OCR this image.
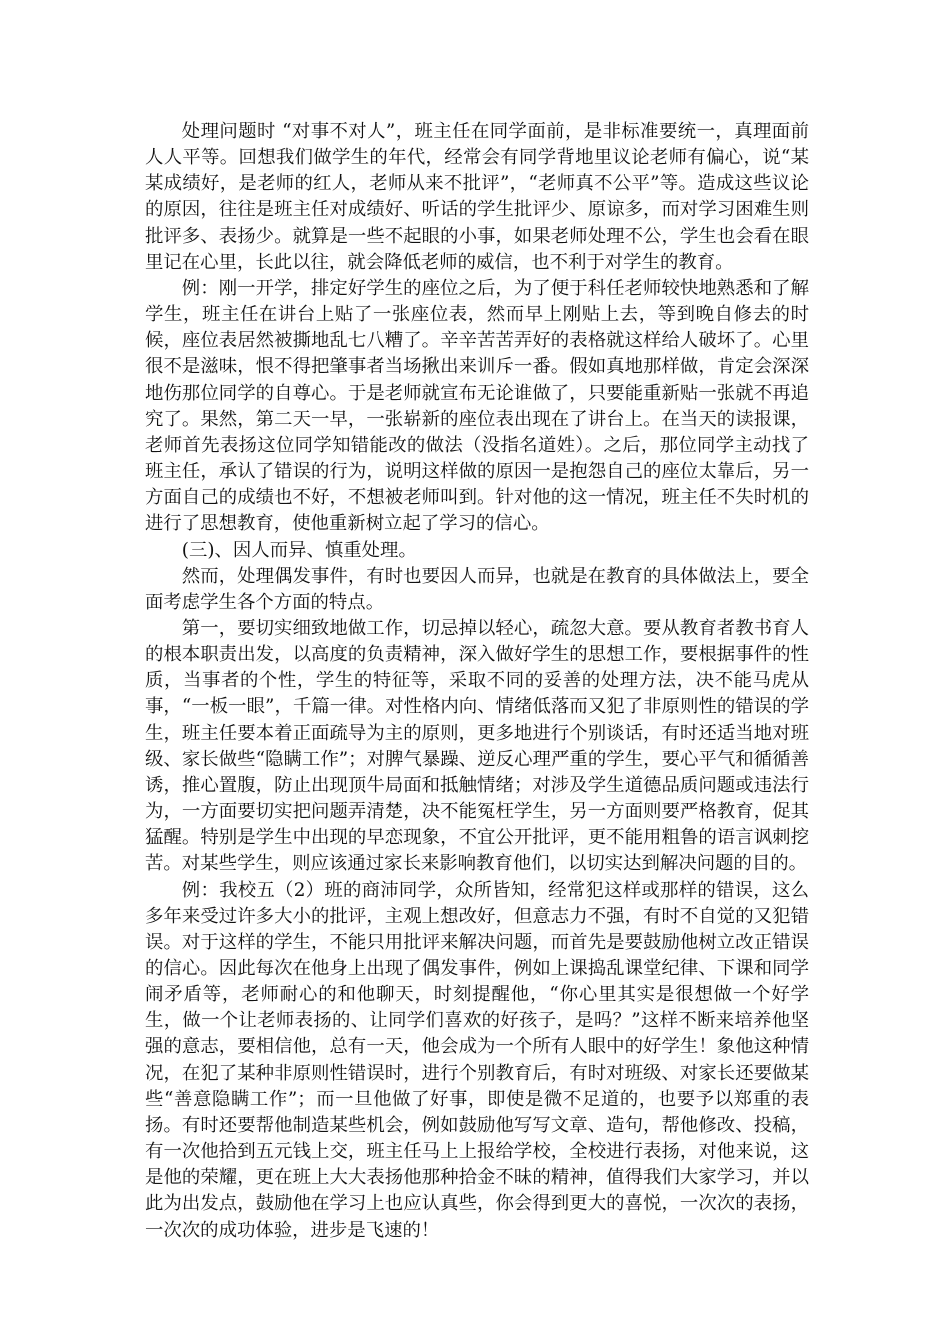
处理问题时 “对事不对人”，班主任在同学面前，是非标准要统一，真理面前人人平等。回想我们做学生的年代，经常会有同学背地里议论老师有偏心，说“某某成绩好，是老师的红人，老师从来不批评”，“老师真不公平”等。造成这些议论的原因，往往是班主任对成绩好、听话的学生批评少、原谅多，而对学习困难生则批评多、表扬少。就算是一些不起眼的小事，如果老师处理不公，学生也会看在眼里记在心里，长此以往，就会降低老师的威信，也不利于对学生的教育。

例：刚一开学，排定好学生的座位之后，为了便于科任老师较快地熟悉和了解学生，班主任在讲台上贴了一张座位表，然而早上刚贴上去，等到晚自修去的时候，座位表居然被撕地乱七八糟了。辛辛苦苦弄好的表格就这样给人破坏了。心里很不是滋味，恨不得把肇事者当场揪出来训斥一番。假如真地那样做，肯定会深深地伤那位同学的自尊心。于是老师就宣布无论谁做了，只要能重新贴一张就不再追究了。果然，第二天一早，一张崭新的座位表出现在了讲台上。在当天的读报课，老师首先表扬这位同学知错能改的做法（没指名道姓）。之后，那位同学主动找了班主任，承认了错误的行为，说明这样做的原因一是抱怨自己的座位太靠后，另一方面自己的成绩也不好，不想被老师叫到。针对他的这一情况，班主任不失时机的进行了思想教育，使他重新树立起了学习的信心。

(三)、因人而异、慎重处理。

然而，处理偶发事件，有时也要因人而异，也就是在教育的具体做法上，要全面考虑学生各个方面的特点。

第一，要切实细致地做工作，切忌掉以轻心，疏忽大意。要从教育者教书育人的根本职责出发，以高度的负责精神，深入做好学生的思想工作，要根据事件的性质，当事者的个性，学生的特征等，采取不同的妥善的处理方法，决不能马虎从事，“一板一眼”，千篇一律。对性格内向、情绪低落而又犯了非原则性的错误的学生，班主任要本着正面疏导为主的原则，更多地进行个别谈话，有时还适当地对班级、家长做些“隐瞒工作”；对脾气暴躁、逆反心理严重的学生，要心平气和循循善诱，推心置腹，防止出现顶牛局面和抵触情绪；对涉及学生道德品质问题或违法行为，一方面要切实把问题弄清楚，决不能冤枉学生，另一方面则要严格教育，促其猛醒。特别是学生中出现的早恋现象，不宜公开批评，更不能用粗鲁的语言讽刺挖苦。对某些学生，则应该通过家长来影响教育他们，以切实达到解决问题的目的。

例：我校五（2）班的商沛同学，众所皆知，经常犯这样或那样的错误，这么多年来受过许多大小的批评，主观上想改好，但意志力不强，有时不自觉的又犯错误。对于这样的学生，不能只用批评来解决问题，而首先是要鼓励他树立改正错误的信心。因此每次在他身上出现了偶发事件，例如上课捣乱课堂纪律、下课和同学闹矛盾等，老师耐心的和他聊天，时刻提醒他，“你心里其实是很想做一个好学生，做一个让老师表扬的、让同学们喜欢的好孩子，是吗？”这样不断来培养他坚强的意志，要相信他，总有一天，他会成为一个所有人眼中的好学生！象他这种情况，在犯了某种非原则性错误时，进行个别教育后，有时对班级、对家长还要做某些“善意隐瞒工作”；而一旦他做了好事，即使是微不足道的，也要予以郑重的表扬。有时还要帮他制造某些机会，例如鼓励他写写文章、造句，帮他修改、投稿，有一次他拾到五元钱上交，班主任马上上报给学校，全校进行表扬，对他来说，这是他的荣耀，更在班上大大表扬他那种拾金不昧的精神，值得我们大家学习，并以此为出发点，鼓励他在学习上也应认真些，你会得到更大的喜悦，一次次的表扬，一次次的成功体验，进步是飞速的！
